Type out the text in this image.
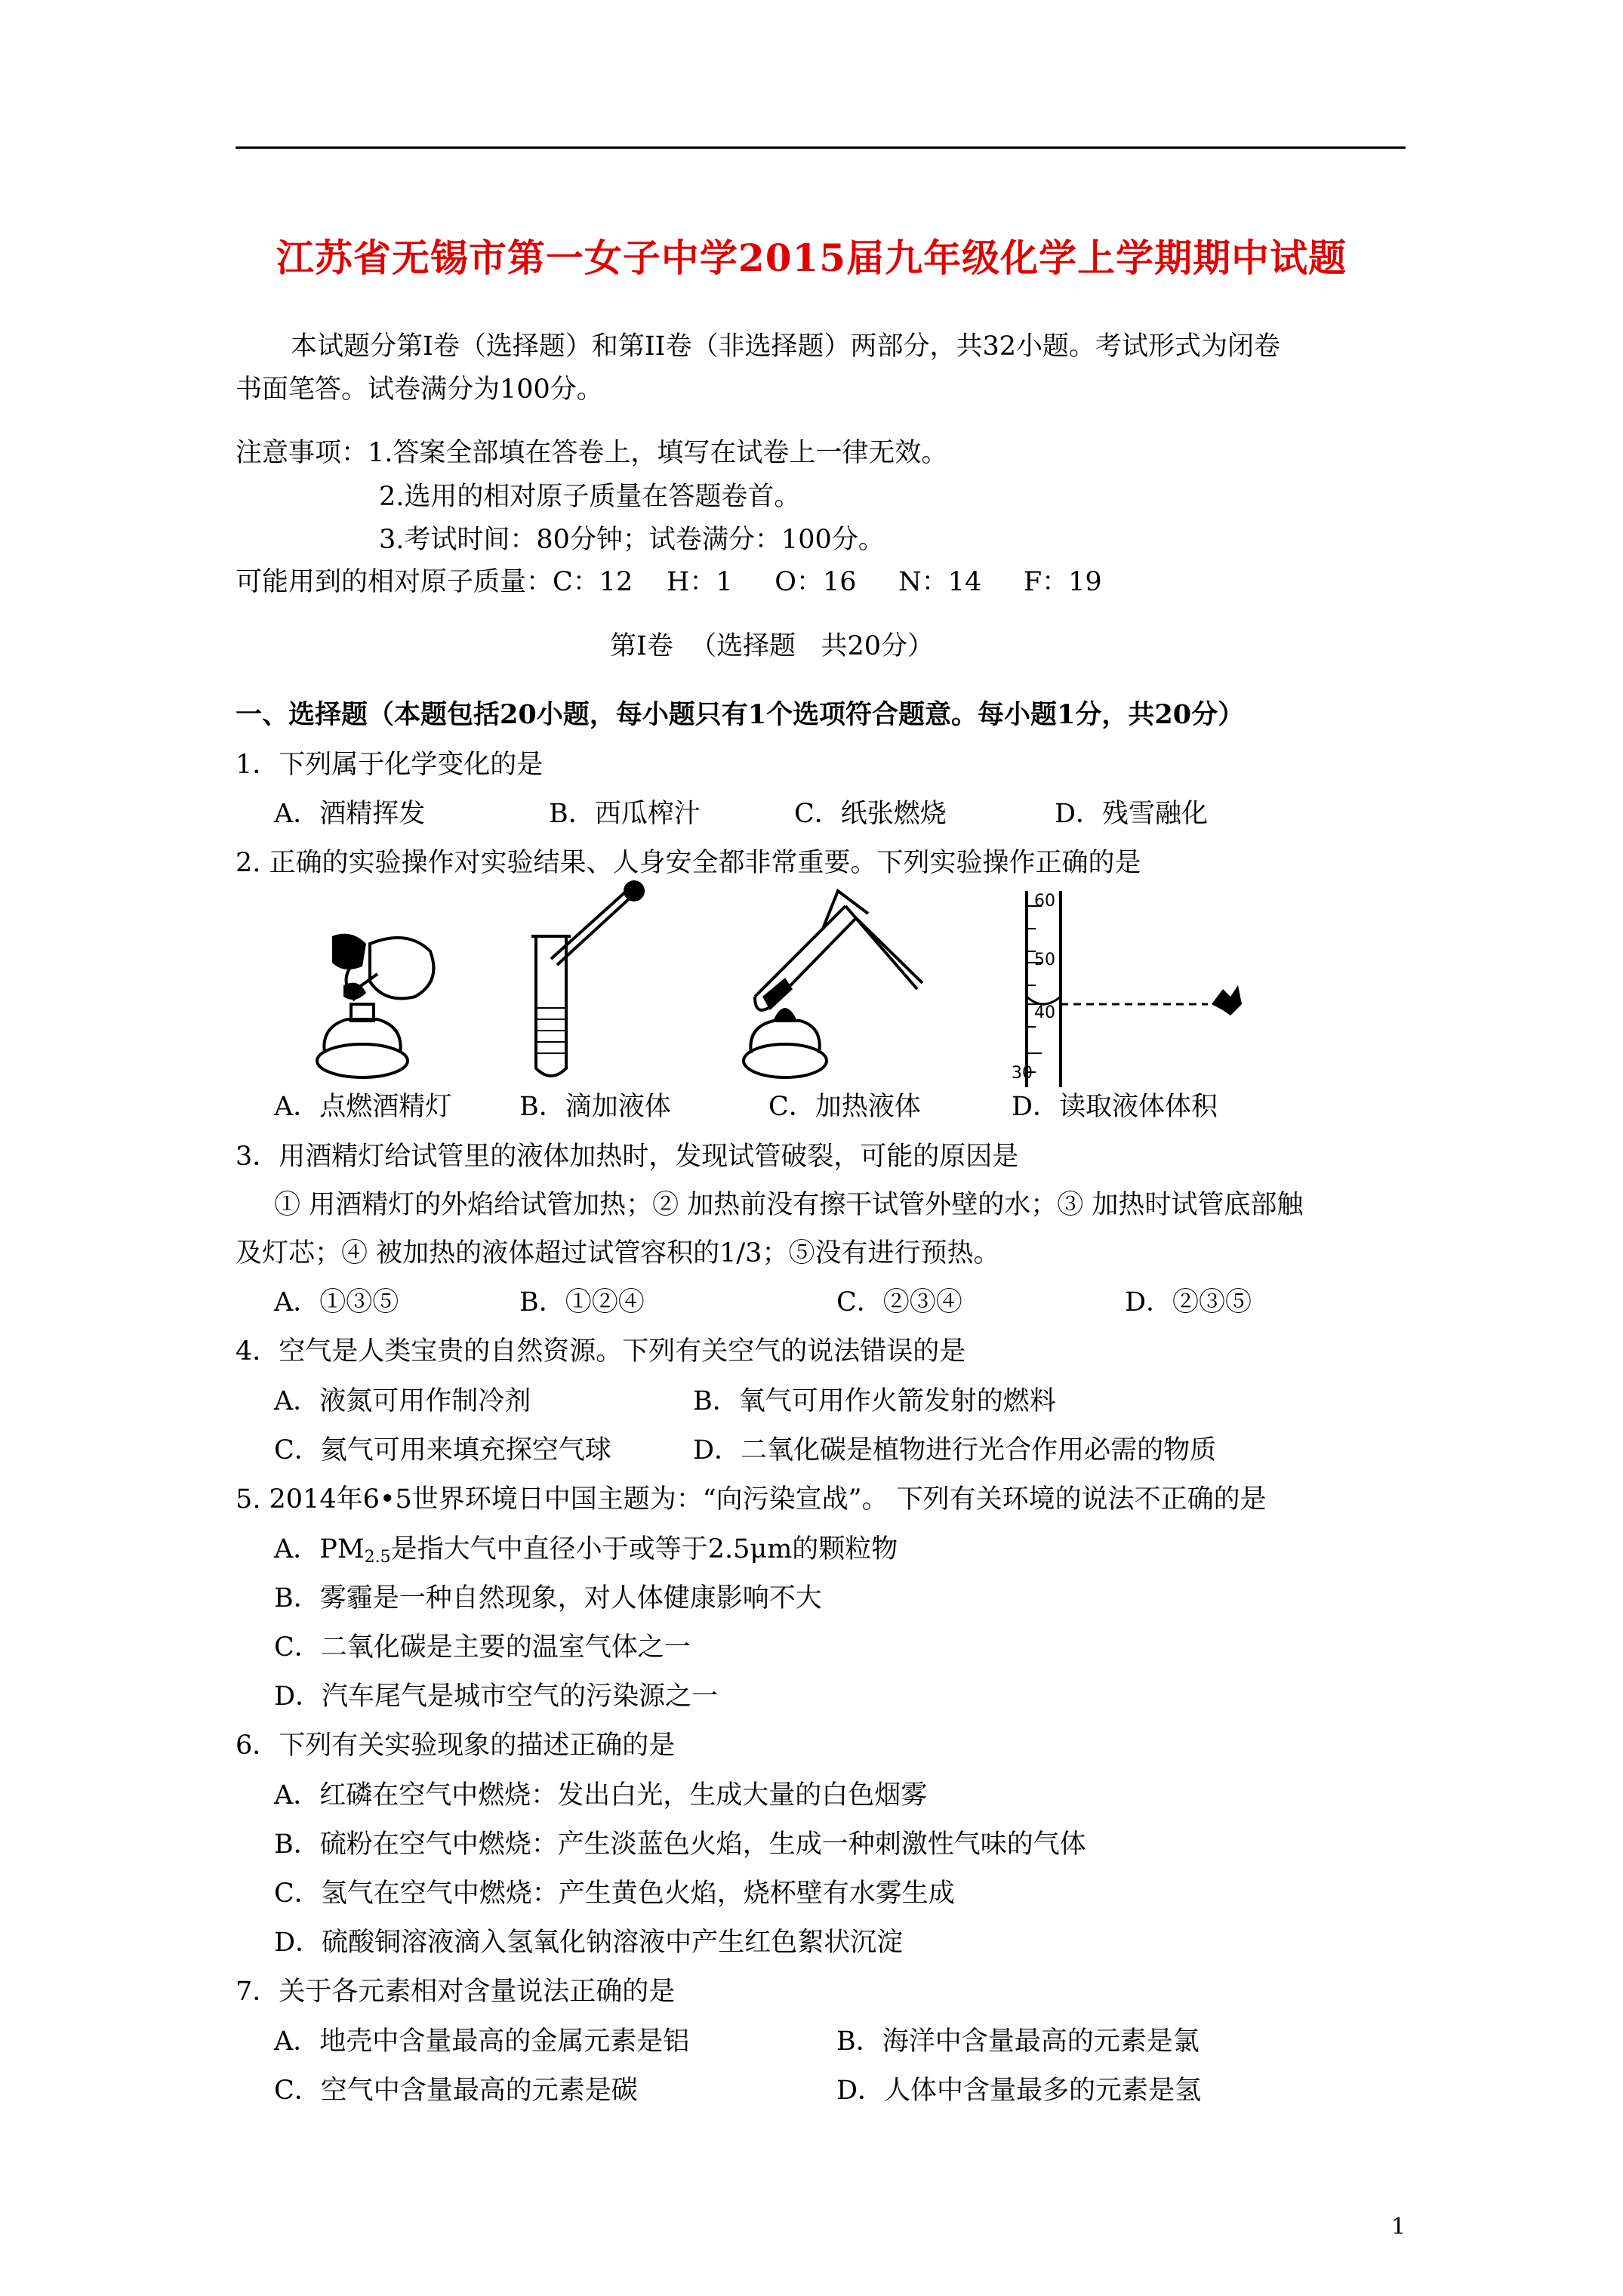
江苏省无锡市第一女子中学2015届九年级化学上学期期中试题
本试题分第Ⅰ卷（选择题）和第II卷（非选择题）两部分，共32小题。考试形式为闭卷
书面笔答。试卷满分为100分。
注意事项：1.答案全部填在答卷上，填写在试卷上一律无效。
2.选用的相对原子质量在答题卷首。
3.考试时间：80分钟；试卷满分：100分。
可能用到的相对原子质量：C：12    H：1     O：16     N：14     F：19
第Ⅰ卷  （选择题   共20分）
一、选择题（本题包括20小题，每小题只有1个选项符合题意。每小题1分，共20分）
1．下列属于化学变化的是
A．酒精挥发	B．西瓜榨汁	C．纸张燃烧	D．残雪融化
2. 正确的实验操作对实验结果、人身安全都非常重要。下列实验操作正确的是
60
50
40
30
A．点燃酒精灯	B．滴加液体	C．加热液体	D．读取液体体积
3．用酒精灯给试管里的液体加热时，发现试管破裂，可能的原因是
① 用酒精灯的外焰给试管加热；② 加热前没有擦干试管外壁的水；③ 加热时试管底部触
及灯芯；④ 被加热的液体超过试管容积的1/3；⑤没有进行预热。
A．①③⑤	B．①②④	C．②③④	D．②③⑤
4．空气是人类宝贵的自然资源。下列有关空气的说法错误的是
A．液氮可用作制冷剂	B．氧气可用作火箭发射的燃料
C．氦气可用来填充探空气球	D．二氧化碳是植物进行光合作用必需的物质
5. 2014年6•5世界环境日中国主题为：“向污染宣战”。 下列有关环境的说法不正确的是
A．$PM_{2.5}$是指大气中直径小于或等于2.5μm的颗粒物
B．雾霾是一种自然现象，对人体健康影响不大
C．二氧化碳是主要的温室气体之一
D．汽车尾气是城市空气的污染源之一
6．下列有关实验现象的描述正确的是
A．红磷在空气中燃烧：发出白光，生成大量的白色烟雾
B．硫粉在空气中燃烧：产生淡蓝色火焰，生成一种刺激性气味的气体
C．氢气在空气中燃烧：产生黄色火焰，烧杯壁有水雾生成
D．硫酸铜溶液滴入氢氧化钠溶液中产生红色絮状沉淀
7．关于各元素相对含量说法正确的是
A．地壳中含量最高的金属元素是铝	B．海洋中含量最高的元素是氯
C．空气中含量最高的元素是碳	D．人体中含量最多的元素是氢
1
